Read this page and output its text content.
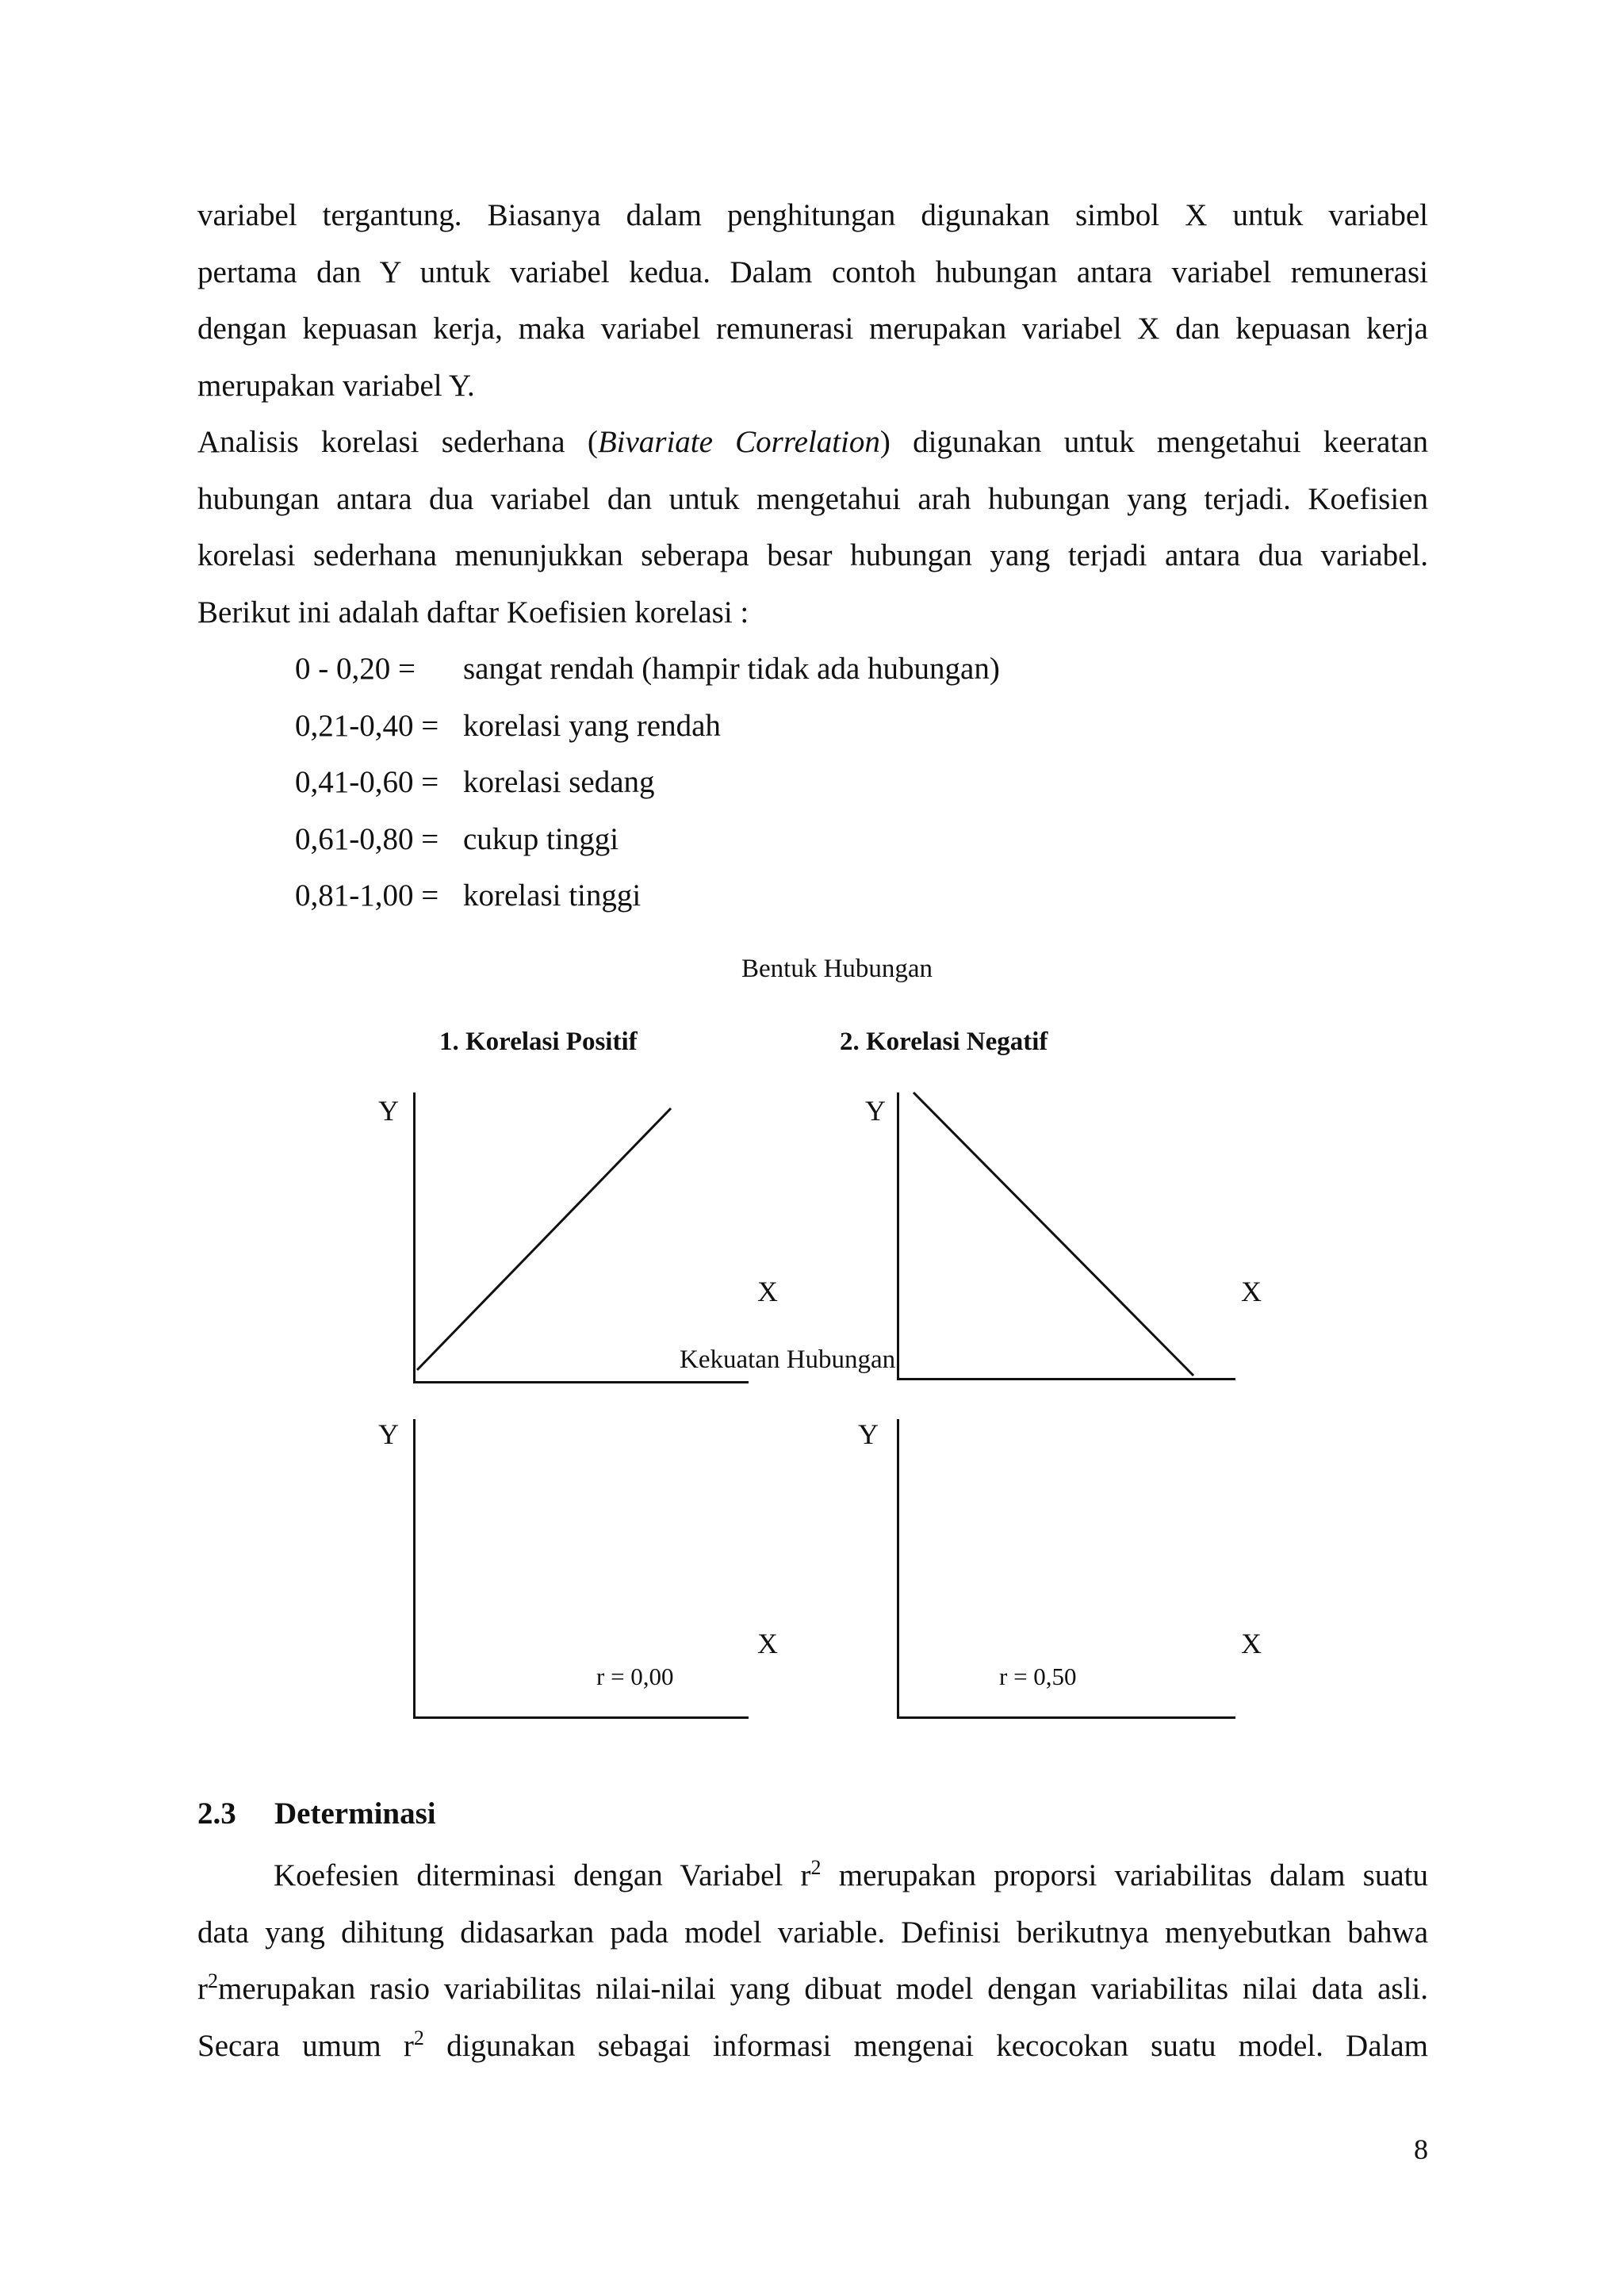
variabel tergantung. Biasanya dalam penghitungan digunakan simbol X untuk variabel
pertama dan Y untuk variabel kedua. Dalam contoh hubungan antara variabel remunerasi
dengan kepuasan kerja, maka variabel remunerasi merupakan variabel X dan kepuasan kerja
merupakan variabel Y.
Analisis korelasi sederhana (Bivariate Correlation) digunakan untuk mengetahui keeratan
hubungan antara dua variabel dan untuk mengetahui arah hubungan yang terjadi. Koefisien
korelasi sederhana menunjukkan seberapa besar hubungan yang terjadi antara dua variabel.
Berikut ini adalah daftar Koefisien korelasi :
0 - 0,20 = sangat rendah (hampir tidak ada hubungan)
0,21-0,40 = korelasi yang rendah
0,41-0,60 = korelasi sedang
0,61-0,80 = cukup tinggi
0,81-1,00 = korelasi tinggi
Bentuk Hubungan
1. Korelasi Positif	2. Korelasi Negatif
Y
X
Y
X
Kekuatan Hubungan
Y
X
r = 0,00
Y
X
r = 0,50
2.3 Determinasi
Koefesien diterminasi dengan Variabel $r^2$ merupakan proporsi variabilitas dalam suatu
data yang dihitung didasarkan pada model variable. Definisi berikutnya menyebutkan bahwa
$r^2merupakan$ rasio variabilitas nilai-nilai yang dibuat model dengan variabilitas nilai data asli.
Secara umum $r^2$ digunakan sebagai informasi mengenai kecocokan suatu model. Dalam
8
